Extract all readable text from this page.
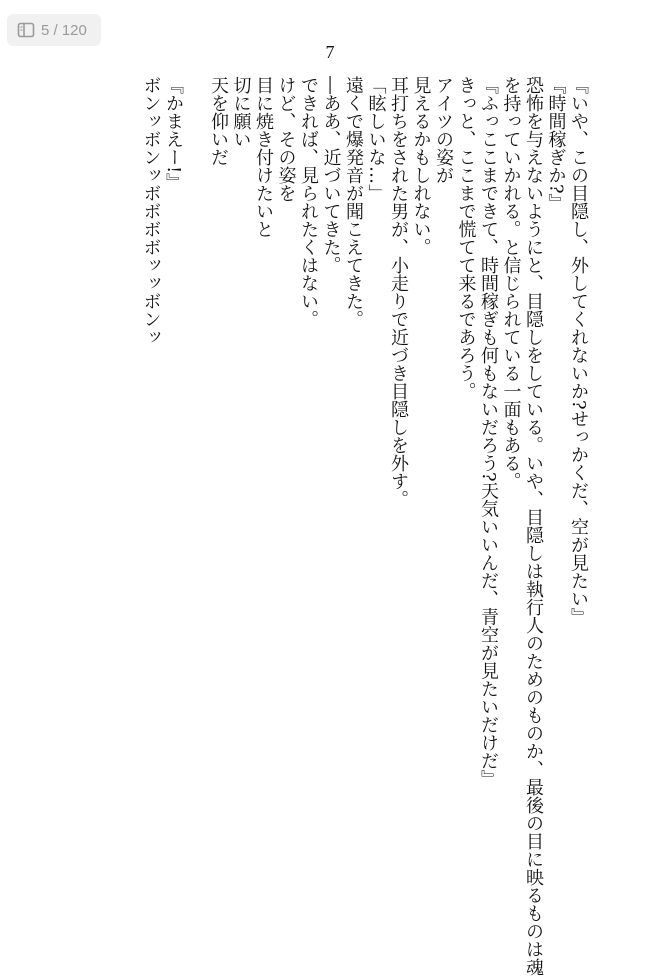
5 / 120
7

『いや、この目隠し、外してくれないか?せっかくだ、空が見たい』

『時間稼ぎか?』

恐怖を与えないようにと、目隠しをしている。いや、目隠しは執行人のためのものか、最後の目に映るものは魂

を持っていかれる。と信じられている一面もある。

『ふっここまできて、時間稼ぎも何もないだろう?天気いいんだ、青空が見たいだけだ』

きっと、ここまで慌てて来るであろう。

アイツの姿が

見えるかもしれない。

耳打ちをされた男が、小走りで近づき目隠しを外す。

「眩しいな…」

遠くで爆発音が聞こえてきた。

―ああ、近づいてきた。

できれば、見られたくはない。

けど、その姿を

目に焼き付けたいと

切に願い

天を仰いだ

『かまえー!』

ボンッボンッボボボボッッボンッ
